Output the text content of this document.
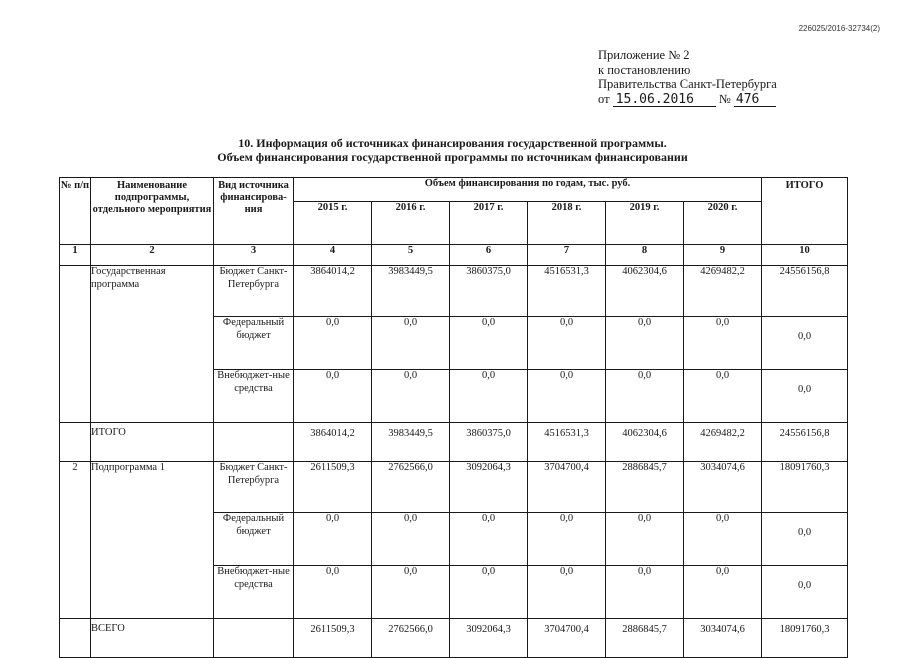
226025/2016-32734(2)
Приложение № 2
к постановлению
Правительства Санкт-Петербурга
от 15.06.2016 № 476
10. Информация об источниках финансирования государственной программы.
Объем финансирования государственной программы по источникам финансировании
№ п/п	Наименование подпрограммы, отдельного мероприятия	Вид источника финансирова-ния	Объем финансирования по годам, тыс. руб.						ИТОГО
			2015 г.	2016 г.	2017 г.	2018 г.	2019 г.	2020 г.	
1	2	3	4	5	6	7	8	9	10
	Государственная программа	Бюджет Санкт-Петербурга	3864014,2	3983449,5	3860375,0	4516531,3	4062304,6	4269482,2	24556156,8
		Федеральный бюджет	0,0	0,0	0,0	0,0	0,0	0,0	0,0
		Внебюджет-ные средства	0,0	0,0	0,0	0,0	0,0	0,0	0,0
	ИТОГО		3864014,2	3983449,5	3860375,0	4516531,3	4062304,6	4269482,2	24556156,8
2	Подпрограмма 1	Бюджет Санкт-Петербурга	2611509,3	2762566,0	3092064,3	3704700,4	2886845,7	3034074,6	18091760,3
		Федеральный бюджет	0,0	0,0	0,0	0,0	0,0	0,0	0,0
		Внебюджет-ные средства	0,0	0,0	0,0	0,0	0,0	0,0	0,0
	ВСЕГО		2611509,3	2762566,0	3092064,3	3704700,4	2886845,7	3034074,6	18091760,3
